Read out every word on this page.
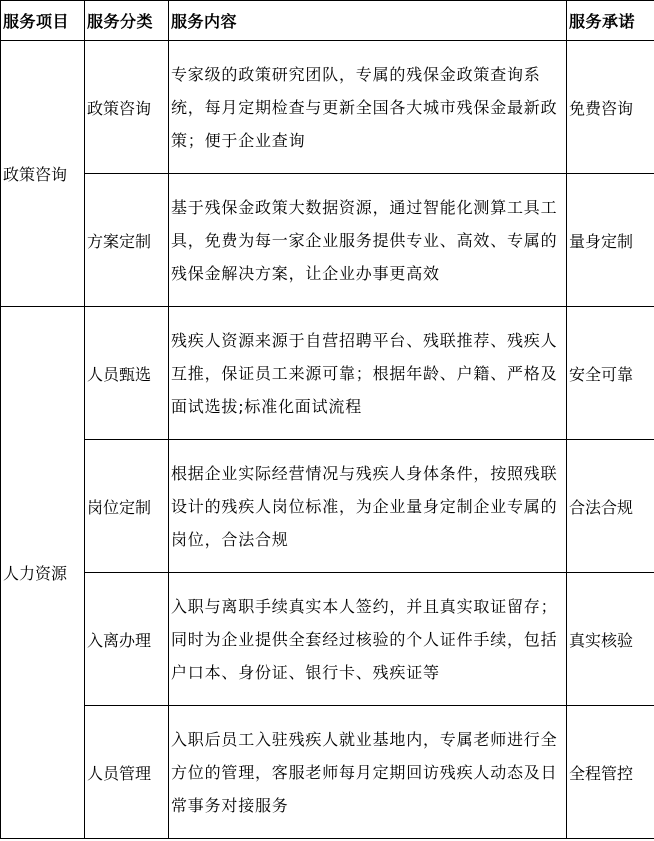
服务项目	服务分类	服务内容	服务承诺
政策咨询	政策咨询	专家级的政策研究团队，专属的残保金政策查询系统，每月定期检查与更新全国各大城市残保金最新政策；便于企业查询	免费咨询
	方案定制	基于残保金政策大数据资源，通过智能化测算工具工具，免费为每一家企业服务提供专业、高效、专属的残保金解决方案，让企业办事更高效	量身定制
人力资源	人员甄选	残疾人资源来源于自营招聘平台、残联推荐、残疾人互推，保证员工来源可靠；根据年龄、户籍、严格及面试选拔;标准化面试流程	安全可靠
	岗位定制	根据企业实际经营情况与残疾人身体条件，按照残联设计的残疾人岗位标准，为企业量身定制企业专属的岗位，合法合规	合法合规
	入离办理	入职与离职手续真实本人签约，并且真实取证留存；同时为企业提供全套经过核验的个人证件手续，包括户口本、身份证、银行卡、残疾证等	真实核验
	人员管理	入职后员工入驻残疾人就业基地内，专属老师进行全方位的管理，客服老师每月定期回访残疾人动态及日常事务对接服务	全程管控
